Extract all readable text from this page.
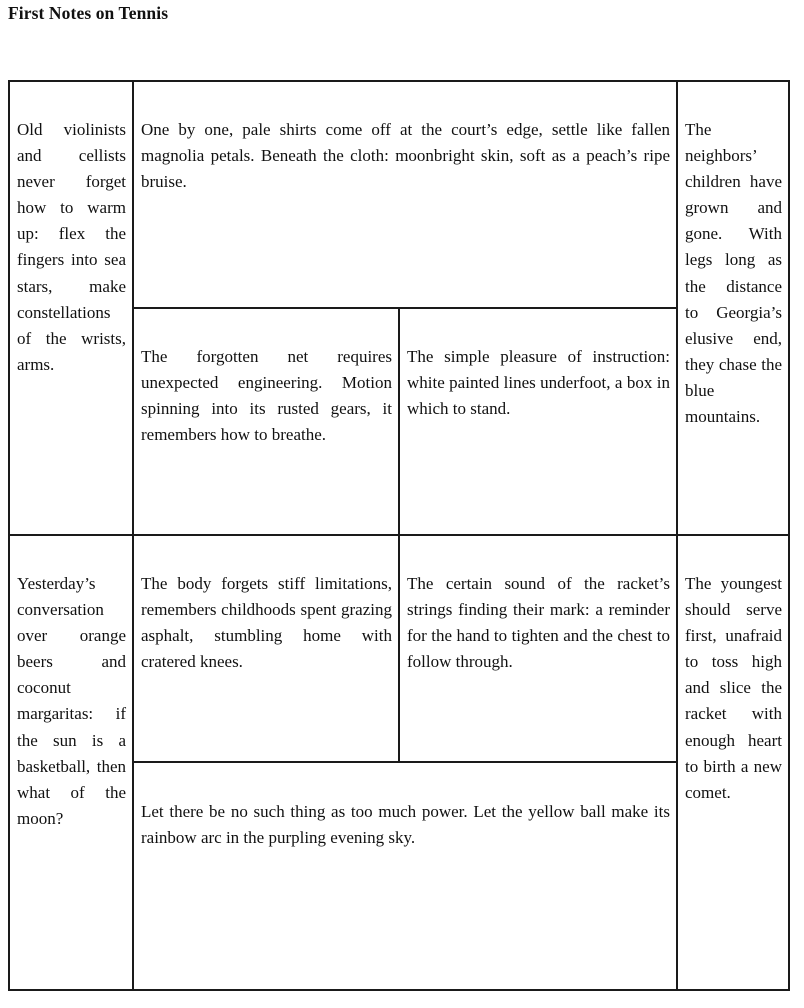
First Notes on Tennis
Old violinists and cellists never forget how to warm up: flex the fingers into sea stars, make constellations of the wrists, arms.
One by one, pale shirts come off at the court’s edge, settle like fallen magnolia petals. Beneath the cloth: moonbright skin, soft as a peach’s ripe bruise.
The neighbors’ children have grown and gone. With legs long as the distance to Georgia’s elusive end, they chase the blue mountains.
The forgotten net requires unexpected engineering. Motion spinning into its rusted gears, it remembers how to breathe.
The simple pleasure of instruction: white painted lines underfoot, a box in which to stand.
Yesterday’s conversation over orange beers and coconut margaritas: if the sun is a basketball, then what of the moon?
The body forgets stiff limitations, remembers childhoods spent grazing asphalt, stumbling home with cratered knees.
The certain sound of the racket’s strings finding their mark: a reminder for the hand to tighten and the chest to follow through.
The youngest should serve first, unafraid to toss high and slice the racket with enough heart to birth a new comet.
Let there be no such thing as too much power. Let the yellow ball make its rainbow arc in the purpling evening sky.
